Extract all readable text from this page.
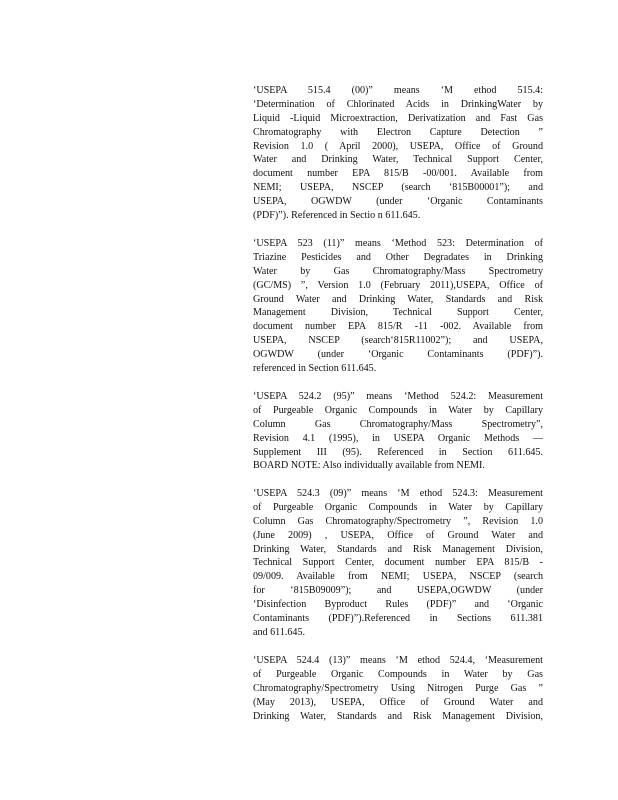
‘USEPA 515.4 (00)” means ‘M ethod 515.4:
‘Determination of Chlorinated Acids in DrinkingWater by
Liquid -Liquid Microextraction, Derivatization and Fast Gas
Chromatography with Electron Capture Detection ”
Revision 1.0 ( April 2000), USEPA, Office of Ground
Water and Drinking Water, Technical Support Center,
document number EPA 815/B -00/001. Available from
NEMI; USEPA, NSCEP (search ‘815B00001”); and
USEPA, OGWDW (under ‘Organic Contaminants
(PDF)”). Referenced in Sectio n 611.645.
‘USEPA 523 (11)” means ‘Method 523: Determination of
Triazine Pesticides and Other Degradates in Drinking
Water by Gas Chromatography/Mass Spectrometry
(GC/MS) ”, Version 1.0 (February 2011),USEPA, Office of
Ground Water and Drinking Water, Standards and Risk
Management Division, Technical Support Center,
document number EPA 815/R -11 -002. Available from
USEPA, NSCEP (search‘815R11002”); and USEPA,
OGWDW (under ‘Organic Contaminants (PDF)”).
referenced in Section 611.645.
‘USEPA 524.2 (95)” means ‘Method 524.2: Measurement
of Purgeable Organic Compounds in Water by Capillary
Column Gas Chromatography/Mass Spectrometry”,
Revision 4.1 (1995), in USEPA Organic Methods —
Supplement III (95). Referenced in Section 611.645.
BOARD NOTE: Also individually available from NEMI.
‘USEPA 524.3 (09)” means ‘M ethod 524.3: Measurement
of Purgeable Organic Compounds in Water by Capillary
Column Gas Chromatography/Spectrometry ”, Revision 1.0
(June 2009) , USEPA, Office of Ground Water and
Drinking Water, Standards and Risk Management Division,
Technical Support Center, document number EPA 815/B -
09/009. Available from NEMI; USEPA, NSCEP (search
for ‘815B09009”); and USEPA,OGWDW (under
‘Disinfection Byproduct Rules (PDF)” and ‘Organic
Contaminants (PDF)”).Referenced in Sections 611.381
and 611.645.
‘USEPA 524.4 (13)” means ‘M ethod 524.4, ‘Measurement
of Purgeable Organic Compounds in Water by Gas
Chromatography/Spectrometry Using Nitrogen Purge Gas ”
(May 2013), USEPA, Office of Ground Water and
Drinking Water, Standards and Risk Management Division,
